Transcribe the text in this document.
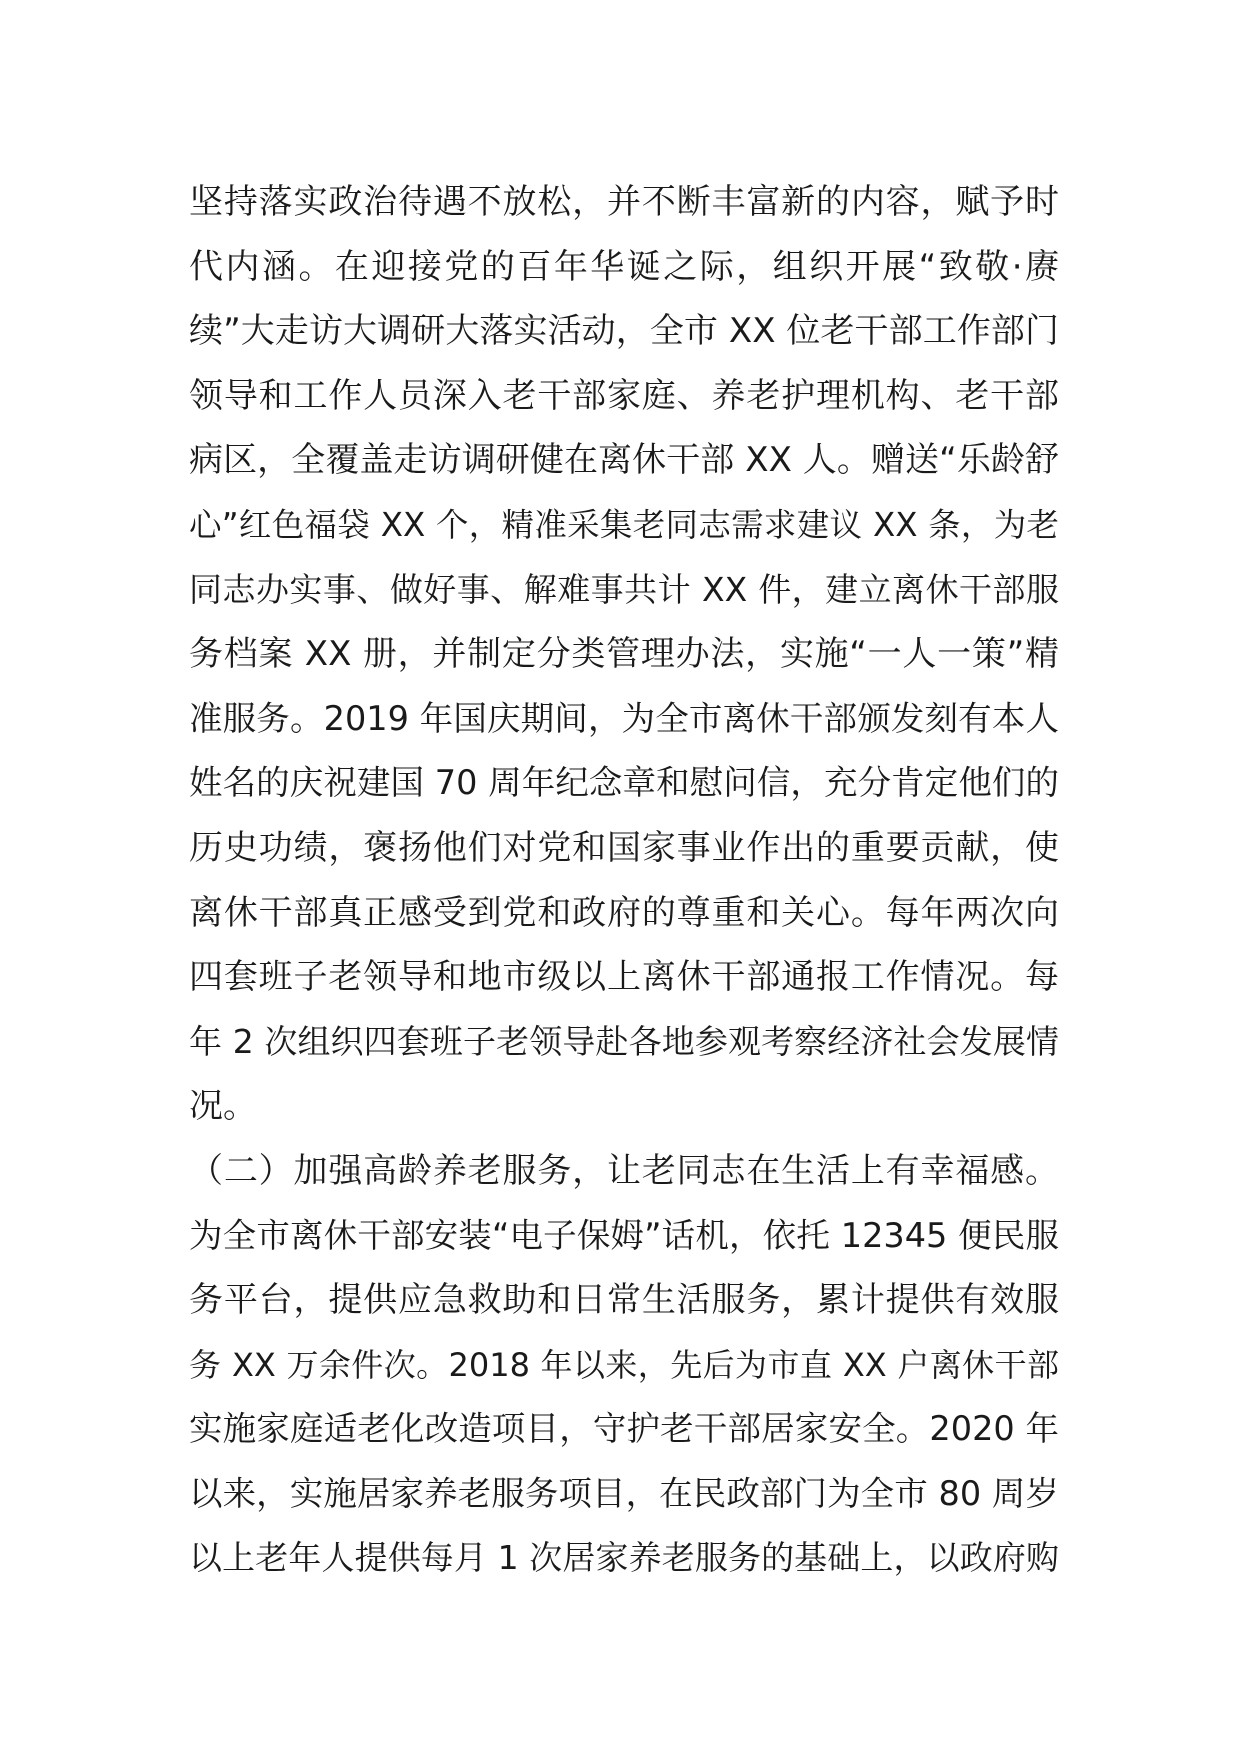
坚持落实政治待遇不放松，并不断丰富新的内容，赋予时
代内涵。在迎接党的百年华诞之际，组织开展“致敬·赓
续”大走访大调研大落实活动，全市 XX 位老干部工作部门
领导和工作人员深入老干部家庭、养老护理机构、老干部
病区，全覆盖走访调研健在离休干部 XX 人。赠送“乐龄舒
心”红色福袋 XX 个，精准采集老同志需求建议 XX 条，为老
同志办实事、做好事、解难事共计 XX 件，建立离休干部服
务档案 XX 册，并制定分类管理办法，实施“一人一策”精
准服务。2019 年国庆期间，为全市离休干部颁发刻有本人
姓名的庆祝建国 70 周年纪念章和慰问信，充分肯定他们的
历史功绩，褒扬他们对党和国家事业作出的重要贡献，使
离休干部真正感受到党和政府的尊重和关心。每年两次向
四套班子老领导和地市级以上离休干部通报工作情况。每
年 2 次组织四套班子老领导赴各地参观考察经济社会发展情
况。
（二）加强高龄养老服务，让老同志在生活上有幸福感。
为全市离休干部安装“电子保姆”话机，依托 12345 便民服
务平台，提供应急救助和日常生活服务，累计提供有效服
务 XX 万余件次。2018 年以来，先后为市直 XX 户离休干部
实施家庭适老化改造项目，守护老干部居家安全。2020 年
以来，实施居家养老服务项目，在民政部门为全市 80 周岁
以上老年人提供每月 1 次居家养老服务的基础上，以政府购
